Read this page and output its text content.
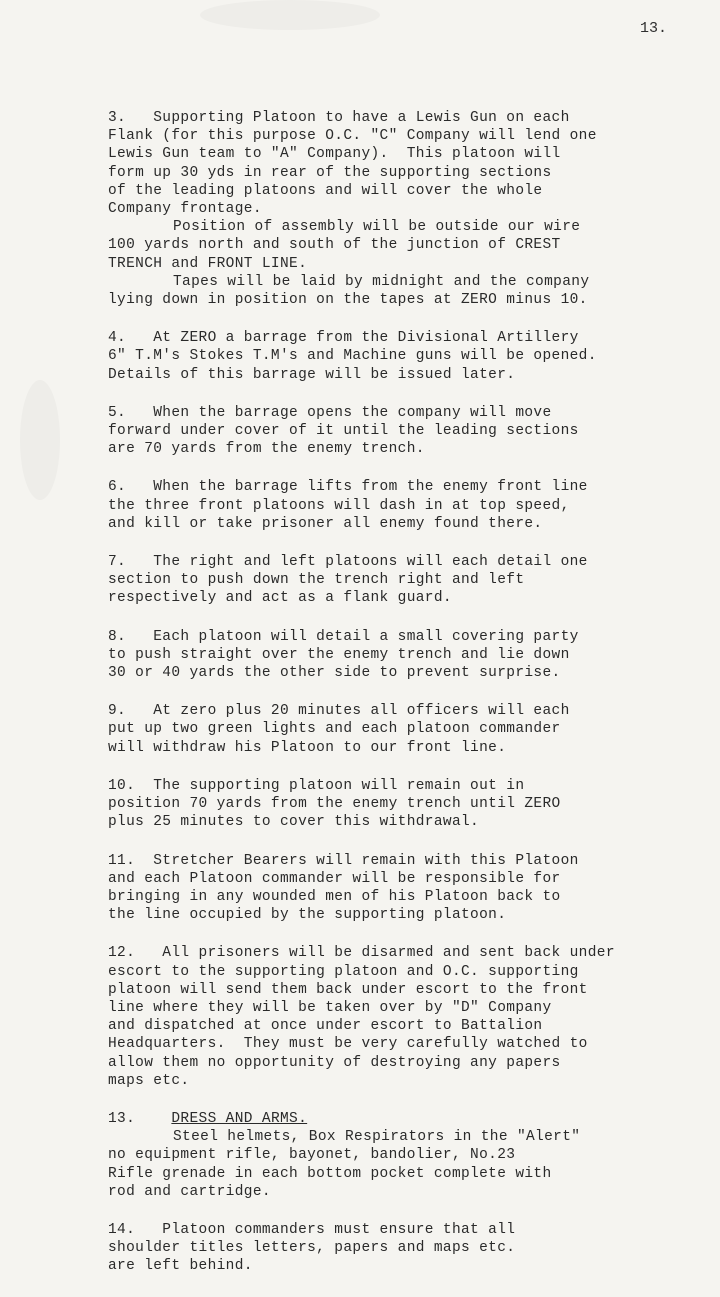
13.
3.   Supporting Platoon to have a Lewis Gun on each
Flank (for this purpose O.C. "C" Company will lend one
Lewis Gun team to "A" Company).  This platoon will
form up 30 yds in rear of the supporting sections
of the leading platoons and will cover the whole
Company frontage.
Position of assembly will be outside our wire
100 yards north and south of the junction of CREST
TRENCH and FRONT LINE.
Tapes will be laid by midnight and the company
lying down in position on the tapes at ZERO minus 10.
4.   At ZERO a barrage from the Divisional Artillery
6" T.M's Stokes T.M's and Machine guns will be opened.
Details of this barrage will be issued later.
5.   When the barrage opens the company will move
forward under cover of it until the leading sections
are 70 yards from the enemy trench.
6.   When the barrage lifts from the enemy front line
the three front platoons will dash in at top speed,
and kill or take prisoner all enemy found there.
7.   The right and left platoons will each detail one
section to push down the trench right and left
respectively and act as a flank guard.
8.   Each platoon will detail a small covering party
to push straight over the enemy trench and lie down
30 or 40 yards the other side to prevent surprise.
9.   At zero plus 20 minutes all officers will each
put up two green lights and each platoon commander
will withdraw his Platoon to our front line.
10.  The supporting platoon will remain out in
position 70 yards from the enemy trench until ZERO
plus 25 minutes to cover this withdrawal.
11.  Stretcher Bearers will remain with this Platoon
and each Platoon commander will be responsible for
bringing in any wounded men of his Platoon back to
the line occupied by the supporting platoon.
12.   All prisoners will be disarmed and sent back under
escort to the supporting platoon and O.C. supporting
platoon will send them back under escort to the front
line where they will be taken over by "D" Company
and dispatched at once under escort to Battalion
Headquarters.  They must be very carefully watched to
allow them no opportunity of destroying any papers
maps etc.
13. DRESS AND ARMS.
Steel helmets, Box Respirators in the "Alert"
no equipment rifle, bayonet, bandolier, No.23
Rifle grenade in each bottom pocket complete with
rod and cartridge.
14.   Platoon commanders must ensure that all
shoulder titles letters, papers and maps etc.
are left behind.
